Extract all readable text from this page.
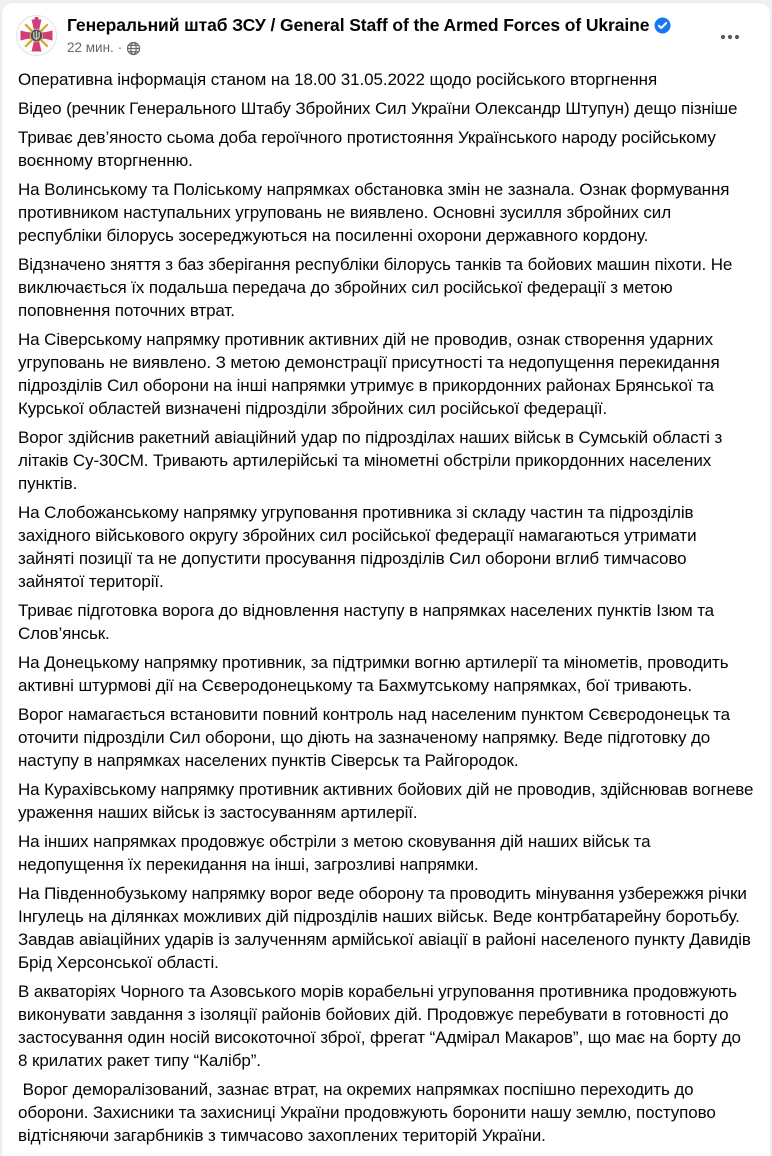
Генеральний штаб ЗСУ / General Staff of the Armed Forces of Ukraine
22 мин. ·

Оперативна інформація станом на 18.00 31.05.2022 щодо російського вторгнення

Відео (речник Генерального Штабу Збройних Сил України Олександр Штупун) дещо пізніше

Триває дев’яносто сьома доба героїчного протистояння Українського народу російському воєнному вторгненню.

На Волинському та Поліському напрямках обстановка змін не зазнала. Ознак формування противником наступальних угруповань не виявлено. Основні зусилля збройних сил республіки білорусь зосереджуються на посиленні охорони державного кордону.

Відзначено зняття з баз зберігання республіки білорусь танків та бойових машин піхоти. Не виключається їх подальша передача до збройних сил російської федерації з метою поповнення поточних втрат.

На Сіверському напрямку противник активних дій не проводив, ознак створення ударних угруповань не виявлено. З метою демонстрації присутності та недопущення перекидання підрозділів Сил оборони на інші напрямки утримує в прикордонних районах Брянської та Курської областей визначені підрозділи збройних сил російської федерації.

Ворог здійснив ракетний авіаційний удар по підрозділах наших військ в Сумській області з літаків Су-30СМ. Тривають артилерійські та мінометні обстріли прикордонних населених пунктів.

На Слобожанському напрямку угруповання противника зі складу частин та підрозділів західного військового округу збройних сил російської федерації намагаються утримати зайняті позиції та не допустити просування підрозділів Сил оборони вглиб тимчасово зайнятої території.

Триває підготовка ворога до відновлення наступу в напрямках населених пунктів Ізюм та Слов’янськ.

На Донецькому напрямку противник, за підтримки вогню артилерії та мінометів, проводить активні штурмові дії на Сєверодонецькому та Бахмутському напрямках, бої тривають.

Ворог намагається встановити повний контроль над населеним пунктом Сєвєродонецьк та оточити підрозділи Сил оборони, що діють на зазначеному напрямку. Веде підготовку до наступу в напрямках населених пунктів Сіверськ та Райгородок.

На Курахівському напрямку противник активних бойових дій не проводив, здійснював вогневе ураження наших військ із застосуванням артилерії.

На інших напрямках продовжує обстріли з метою сковування дій наших військ та недопущення їх перекидання на інші, загрозливі напрямки.

На Південнобузькому напрямку ворог веде оборону та проводить мінування узбережжя річки Інгулець на ділянках можливих дій підрозділів наших військ. Веде контрбатарейну боротьбу. Завдав авіаційних ударів із залученням армійської авіації в районі населеного пункту Давидів Брід Херсонської області.

В акваторіях Чорного та Азовського морів корабельні угруповання противника продовжують виконувати завдання з ізоляції районів бойових дій. Продовжує перебувати в готовності до застосування один носій високоточної зброї, фрегат “Адмірал Макаров”, що має на борту до 8 крилатих ракет типу “Калібр”.

Ворог деморалізований, зазнає втрат, на окремих напрямках поспішно переходить до оборони. Захисники та захисниці України продовжують боронити нашу землю, поступово відтісняючи загарбників з тимчасово захоплених територій України.
